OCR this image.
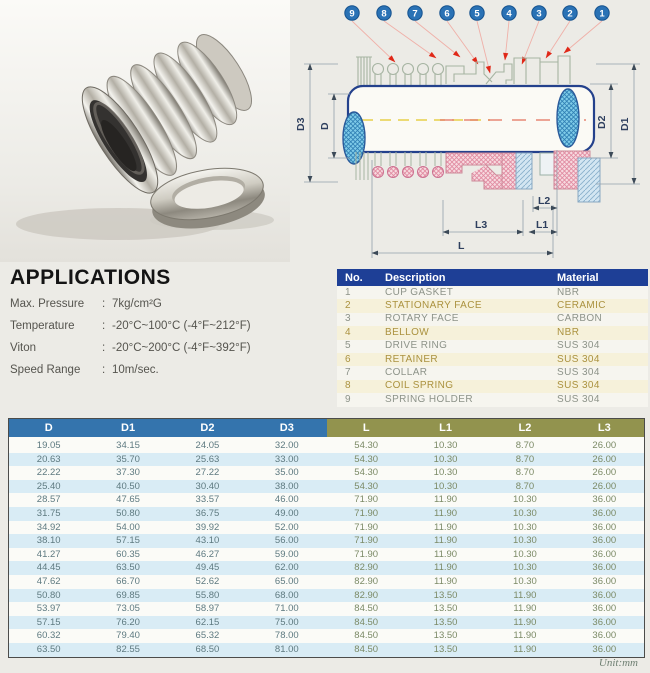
9	8	7	6	5	4	3	2	1
D3 D	D2 D1
L2
L3	L1
L
APPLICATIONS
Max. Pressure	: 7kg/cm²G
Temperature	: -20°C~100°C (-4°F~212°F)
Viton	: -20°C~200°C (-4°F~392°F)
Speed Range	: 10m/sec.
No.	Description	Material
1	CUP GASKET	NBR
2	STATIONARY FACE	CERAMIC
3	ROTARY FACE	CARBON
4	BELLOW	NBR
5	DRIVE RING	SUS 304
6	RETAINER	SUS 304
7	COLLAR	SUS 304
8	COIL SPRING	SUS 304
9	SPRING HOLDER	SUS 304
D	D1	D2	D3	L	L1	L2	L3
19.05	34.15	24.05	32.00	54.30	10.30	8.70	26.00
20.63	35.70	25.63	33.00	54.30	10.30	8.70	26.00
22.22	37.30	27.22	35.00	54.30	10.30	8.70	26.00
25.40	40.50	30.40	38.00	54.30	10.30	8.70	26.00
28.57	47.65	33.57	46.00	71.90	11.90	10.30	36.00
31.75	50.80	36.75	49.00	71.90	11.90	10.30	36.00
34.92	54.00	39.92	52.00	71.90	11.90	10.30	36.00
38.10	57.15	43.10	56.00	71.90	11.90	10.30	36.00
41.27	60.35	46.27	59.00	71.90	11.90	10.30	36.00
44.45	63.50	49.45	62.00	82.90	11.90	10.30	36.00
47.62	66.70	52.62	65.00	82.90	11.90	10.30	36.00
50.80	69.85	55.80	68.00	82.90	13.50	11.90	36.00
53.97	73.05	58.97	71.00	84.50	13.50	11.90	36.00
57.15	76.20	62.15	75.00	84.50	13.50	11.90	36.00
60.32	79.40	65.32	78.00	84.50	13.50	11.90	36.00
63.50	82.55	68.50	81.00	84.50	13.50	11.90	36.00
Unit:mm
